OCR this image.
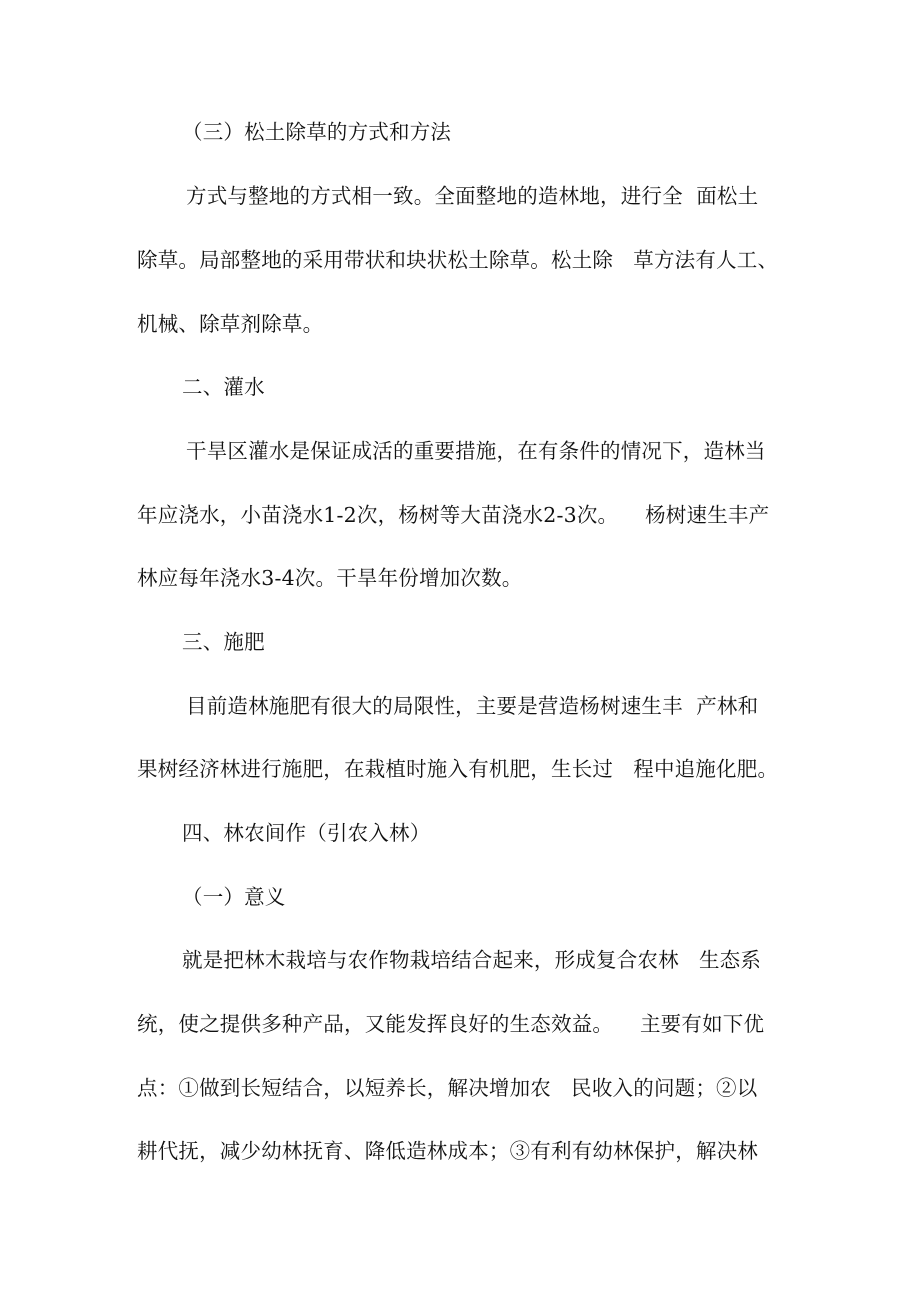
（三）松土除草的方式和方法
方式与整地的方式相一致。全面整地的造林地，进行全  面松土
除草。局部整地的采用带状和块状松土除草。松土除   草方法有人工、
机械、除草剂除草。
二、灌水
干旱区灌水是保证成活的重要措施，在有条件的情况下，造林当
年应浇水，小苗浇水1-2次，杨树等大苗浇水2-3次。    杨树速生丰产
林应每年浇水3-4次。干旱年份增加次数。
三、施肥
目前造林施肥有很大的局限性，主要是营造杨树速生丰  产林和
果树经济林进行施肥，在栽植时施入有机肥，生长过   程中追施化肥。
四、林农间作（引农入林）
（一）意义
就是把林木栽培与农作物栽培结合起来，形成复合农林   生态系
统，使之提供多种产品，又能发挥良好的生态效益。    主要有如下优
点：①做到长短结合，以短养长，解决增加农   民收入的问题；②以
耕代抚，减少幼林抚育、降低造林成本；③有利有幼林保护，解决林
